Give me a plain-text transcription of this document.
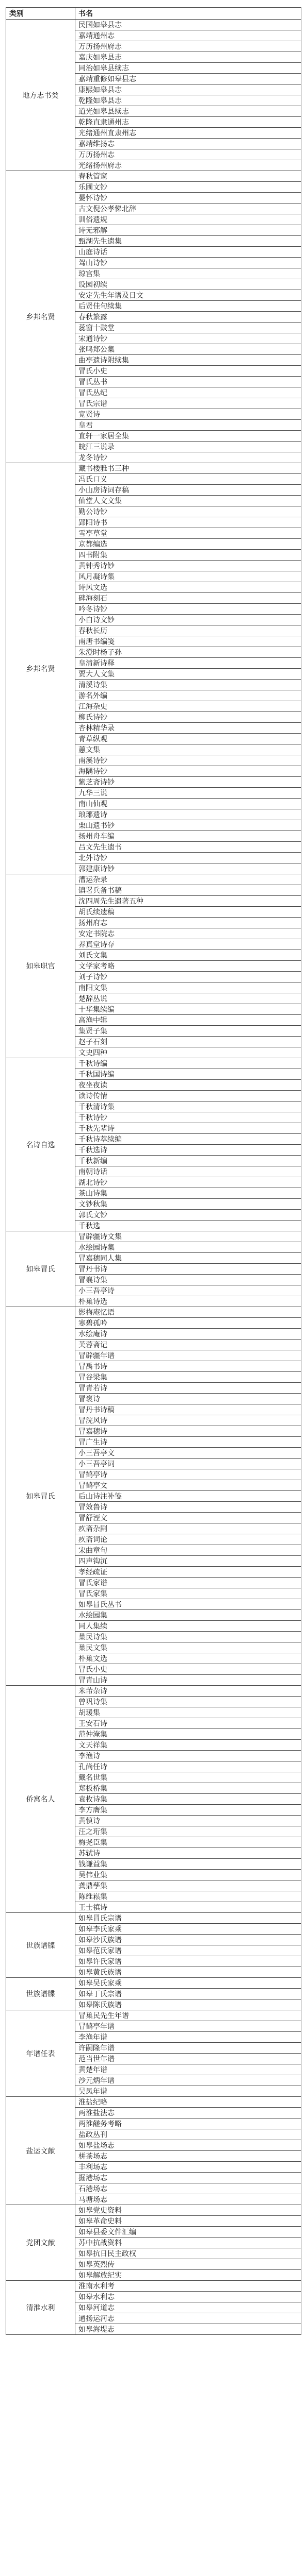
类别	书名
地方志书类	民国如皋县志
	嘉靖通州志
	万历扬州府志
	嘉庆如皋县志
	同治如皋县续志
	嘉靖重修如皋县志
	康熙如皋县志
	乾隆如皋县志
	道光如皋县续志
	乾隆直隶通州志
	光绪通州直隶州志
	嘉靖维扬志
	万历扬州志
	光绪扬州府志
乡邦名贤	春秋管窥
	乐圃文钞
	晏怀诗钞
	古文倪公孝悌北辞
	训俗遗规
	诗无邪解
	甄湖先生遗集
	山庭诗话
	驾山诗钞
	琼宫集
	设园初续
	安定先生年谱及日文
	后贤佳句续集
	春秋繁露
	蕊窗十鼓堂
	宋通诗钞
	张鸣郑公集
	曲亭遗诗附续集
	冒氏小史
	冒氏丛书
	冒氏丛纪
	冒氏宗谱
	宽贤诗
	皇君
	直轩一家居全集
	皖江三说录
	龙冬诗钞
乡邦名贤	藏书楼雅书三种
	冯氏口义
	小山房诗词存稿
	仙堂人文文集
	勤公诗钞
	郢阳诗书
	雪亭草堂
	京都编选
	四书附集
	黄钟秀诗钞
	风月凝诗集
	诗风文选
	碑海刻石
	吟冬诗钞
	小白诗文钞
	春秋长历
	南唐书编笺
	朱澄时杨子孙
	皇清新诗释
	贾大人文集
	清溪诗集
	游名外编
	江海杂史
	柳氏诗钞
	杏林精华录
	青草纵观
	蕙文集
	南溪诗钞
	海隅诗钞
	紫芝斋诗钞
	九华三说
	南山仙观
	琅琊遗诗
	栗山遗书钞
	扬州舟车编
	吕文先生遗书
	北外诗钞
	郭建康诗钞
如皋职官	漕运杂录
	镇署兵备书稿
	沈四周先生遗著五种
	胡氏续遗稿
	扬州府志
	安定书院志
	养真堂诗存
	刘氏文集
	文学家考略
	刘子诗钞
	南阳文集
	楚辞丛说
	十华集续编
	高渔中辑
	集贤子集
	赵子石刻
	文史四种
名诗自选	千秋诗编
	千秋国诗编
	夜坐夜读
	读诗传情
	千秋清诗集
	千秋诗钞
	千秋先辈诗
	千秋诗萃续编
	千秋选诗
	千秋新编
	南朝诗话
	湖北诗钞
	茶山诗集
	文钞秋集
	郭氏文钞
	千秋选
如皋冒氏	冒辟疆诗文集
	水绘园诗集
	冒嘉穗同人集
	冒丹书诗
	冒襄诗集
	小三吾亭诗
	朴巢诗选
如皋冒氏	影梅庵忆语
	寒碧孤吟
	水绘庵诗
	芙蓉斋记
	冒辟疆年谱
	冒禹书诗
	冒谷梁集
	冒青若诗
	冒褒诗
	冒丹书诗稿
	冒浣风诗
	冒嘉穗诗
	冒广生诗
	小三吾亭文
	小三吾亭词
	冒鹤亭诗
	冒鹤亭文
	后山诗注补笺
	冒效鲁诗
	冒舒湮文
	疚斋杂剧
	疚斋词论
	宋曲章句
	四声钩沉
	孝经疏证
	冒氏家谱
	冒氏家集
	如皋冒氏丛书
	水绘园集
	同人集续
	巢民诗集
	巢民文集
	朴巢文选
	冒氏小史
	冒青山诗
侨寓名人	米芾杂诗
	曾巩诗集
	胡瑗集
	王安石诗
	范仲淹集
	文天祥集
	李渔诗
	孔尚任诗
	戴名世集
	郑板桥集
	袁枚诗集
	李方膺集
	黄慎诗
	汪之珩集
	梅尧臣集
	苏轼诗
	钱谦益集
	吴伟业集
	龚鼎孳集
	陈维崧集
	王士禛诗
世族谱牒	如皋冒氏宗谱
	如皋李氏家乘
	如皋沙氏族谱
	如皋范氏家谱
	如皋许氏家谱
	如皋黄氏族谱
世族谱牒	如皋吴氏家乘
	如皋丁氏宗谱
	如皋陈氏族谱
年谱任表	冒巢民先生年谱
	冒鹤亭年谱
	李渔年谱
	许嗣隆年谱
	范当世年谱
	黄楚年谱
	沙元炳年谱
	吴凤年谱
盐运文献	淮盐纪略
	两淮盐法志
	两淮鹾务考略
	盐政丛刊
	如皋盐场志
	栟茶场志
	丰利场志
	掘港场志
	石港场志
	马塘场志
党团文献	如皋党史资料
	如皋革命史料
	如皋县委文件汇编
	苏中抗战资料
	如皋抗日民主政权
	如皋英烈传
	如皋解放纪实
清淮水利	淮南水利考
	如皋水利志
	如皋河道志
	通扬运河志
	如皋海堤志
